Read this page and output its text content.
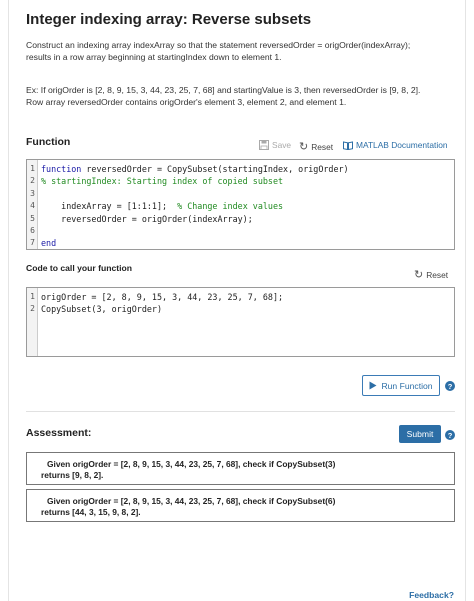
Integer indexing array: Reverse subsets
Construct an indexing array indexArray so that the statement reversedOrder = origOrder(indexArray);
results in a row array beginning at startingIndex down to element 1.
Ex: If origOrder is [2, 8, 9, 15, 3, 44, 23, 25, 7, 68] and startingValue is 3, then reversedOrder is [9, 8, 2].
Row array reversedOrder contains origOrder's element 3, element 2, and element 1.
Function	Save ↻ Reset	MATLAB Documentation
1 function reversedOrder = CopySubset(startingIndex, origOrder)
2 % startingIndex: Starting index of copied subset
3
4 indexArray = [1:1:1];  % Change index values
5 reversedOrder = origOrder(indexArray);
6
7 end
Code to call your function
↻ Reset
1 origOrder = [2, 8, 9, 15, 3, 44, 23, 25, 7, 68];
2 CopySubset(3, origOrder)
Run Function	?
Assessment:	Submit	?
Given origOrder = [2, 8, 9, 15, 3, 44, 23, 25, 7, 68], check if CopySubset(3)
returns [9, 8, 2].
Given origOrder = [2, 8, 9, 15, 3, 44, 23, 25, 7, 68], check if CopySubset(6)
returns [44, 3, 15, 9, 8, 2].
Feedback?
